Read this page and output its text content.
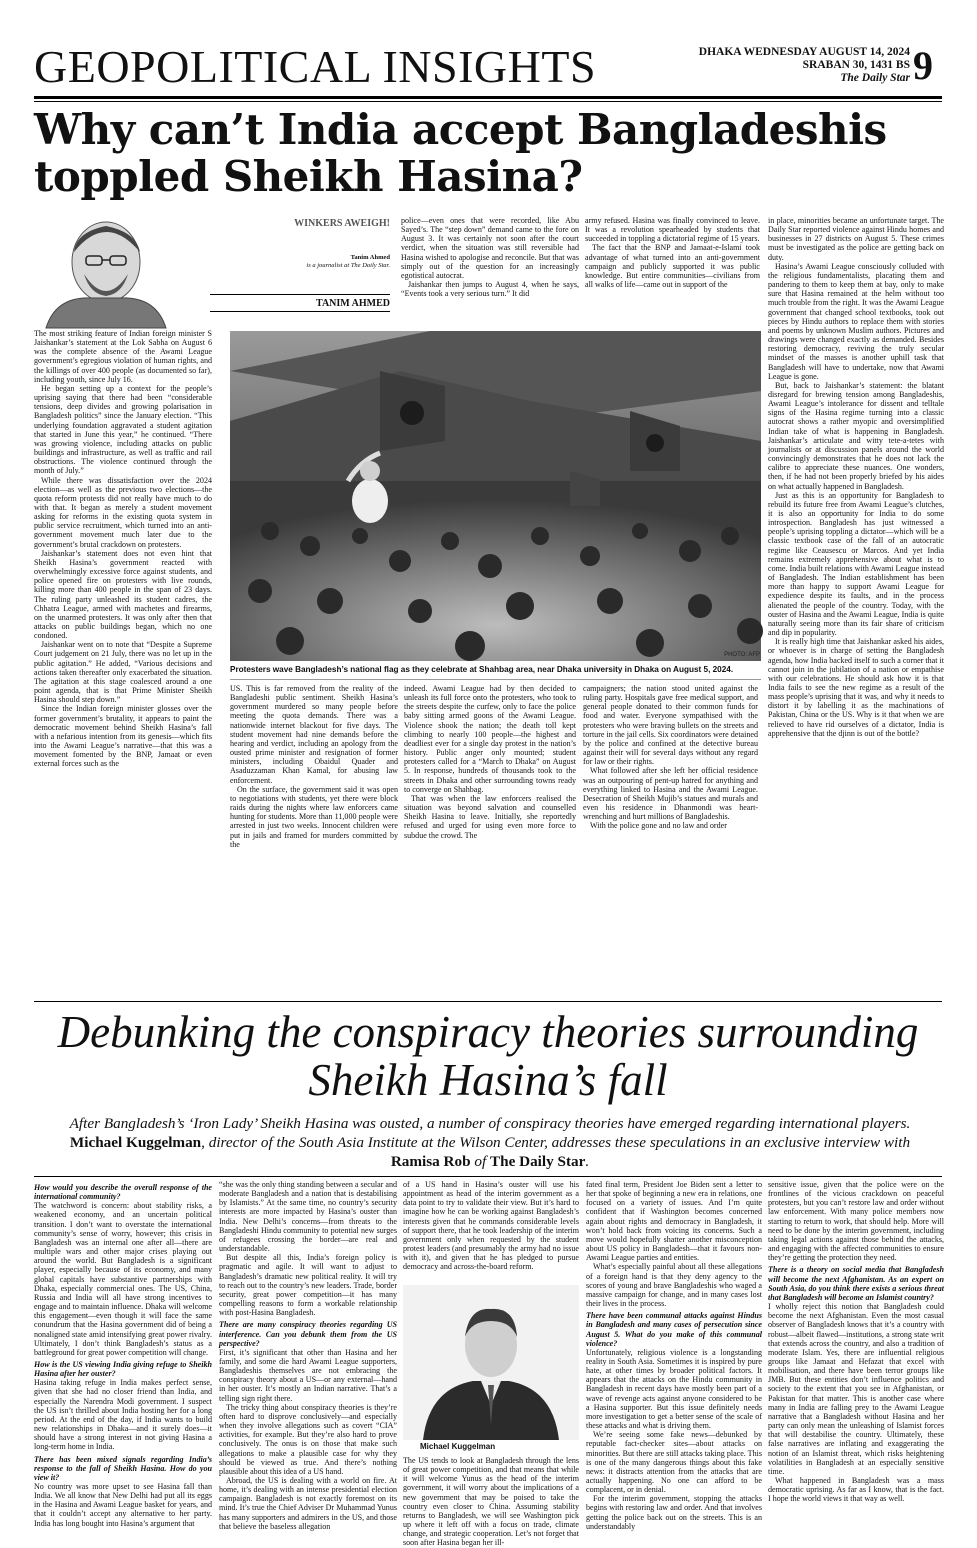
GEOPOLITICAL INSIGHTS	DHAKA WEDNESDAY AUGUST 14, 2024
SRABAN 30, 1431 BS
The Daily Star 9
Why can’t India accept Bangladeshis
toppled Sheikh Hasina?
WINKERS AWEIGH!
Tanim Ahmed
is a journalist at The Daily Star.
TANIM AHMED

The most striking feature of Indian foreign minister S Jaishankar’s statement at the Lok Sabha on August 6 was the complete absence of the Awami League government’s egregious violation of human rights, and the killings of over 400 people (as documented so far), including youth, since July 16.

He began setting up a context for the people’s uprising saying that there had been “considerable tensions, deep divides and growing polarisation in Bangladesh politics” since the January election. “This underlying foundation aggravated a student agitation that started in June this year,” he continued. “There was growing violence, including attacks on public buildings and infrastructure, as well as traffic and rail obstructions. The violence continued through the month of July.”

While there was dissatisfaction over the 2024 election—as well as the previous two elections—the quota reform protests did not really have much to do with that. It began as merely a student movement asking for reforms in the existing quota system in public service recruitment, which turned into an anti-government movement much later due to the government’s brutal crackdown on protesters.

Jaishankar’s statement does not even hint that Sheikh Hasina’s government reacted with overwhelmingly excessive force against students, and police opened fire on protesters with live rounds, killing more than 400 people in the span of 23 days. The ruling party unleashed its student cadres, the Chhatra League, armed with machetes and firearms, on the unarmed protesters. It was only after then that attacks on public buildings began, which no one condoned.

Jaishankar went on to note that “Despite a Supreme Court judgement on 21 July, there was no let up in the public agitation.” He added, “Various decisions and actions taken thereafter only exacerbated the situation. The agitation at this stage coalesced around a one point agenda, that is that Prime Minister Sheikh Hasina should step down.”

Since the Indian foreign minister glosses over the former government’s brutality, it appears to paint the democratic movement behind Sheikh Hasina’s fall with a nefarious intention from its genesis—which fits into the Awami League’s narrative—that this was a movement fomented by the BNP, Jamaat or even external forces such as the

police—even ones that were recorded, like Abu Sayed’s. The “step down” demand came to the fore on August 3. It was certainly not soon after the court verdict, when the situation was still reversible had Hasina wished to apologise and reconcile. But that was simply out of the question for an increasingly egotistical autocrat.

Jaishankar then jumps to August 4, when he says, “Events took a very serious turn.” It did

army refused. Hasina was finally convinced to leave. It was a revolution spearheaded by students that succeeded in toppling a dictatorial regime of 15 years.

The fact that the BNP and Jamaat-e-Islami took advantage of what turned into an anti-government campaign and publicly supported it was public knowledge. But entire communities—civilians from all walks of life—came out in support of the

PHOTO: AFP
Protesters wave Bangladesh’s national flag as they celebrate at Shahbag area, near Dhaka university in Dhaka on August 5, 2024.

US. This is far removed from the reality of the Bangladeshi public sentiment. Sheikh Hasina’s government murdered so many people before meeting the quota demands. There was a nationwide internet blackout for five days. The student movement had nine demands before the hearing and verdict, including an apology from the ousted prime minister and resignation of former ministers, including Obaidul Quader and Asaduzzaman Khan Kamal, for abusing law enforcement.

On the surface, the government said it was open to negotiations with students, yet there were block raids during the nights where law enforcers came hunting for students. More than 11,000 people were arrested in just two weeks. Innocent children were put in jails and framed for murders committed by the

indeed. Awami League had by then decided to unleash its full force onto the protesters, who took to the streets despite the curfew, only to face the police baby sitting armed goons of the Awami League. Violence shook the nation; the death toll kept climbing to nearly 100 people—the highest and deadliest ever for a single day protest in the nation’s history. Public anger only mounted; student protesters called for a “March to Dhaka” on August 5. In response, hundreds of thousands took to the streets in Dhaka and other surrounding towns ready to converge on Shahbag.

That was when the law enforcers realised the situation was beyond salvation and counselled Sheikh Hasina to leave. Initially, she reportedly refused and urged for using even more force to subdue the crowd. The

campaigners; the nation stood united against the ruling party. Hospitals gave free medical support, and general people donated to their common funds for food and water. Everyone sympathised with the protesters who were braving bullets on the streets and torture in the jail cells. Six coordinators were detained by the police and confined at the detective bureau against their will for several days without any regard for law or their rights.

What followed after she left her official residence was an outpouring of pent-up hatred for anything and everything linked to Hasina and the Awami League. Desecration of Sheikh Mujib’s statues and murals and even his residence in Dhanmondi was heart-wrenching and hurt millions of Bangladeshis.

With the police gone and no law and order

in place, minorities became an unfortunate target. The Daily Star reported violence against Hindu homes and businesses in 27 districts on August 5. These crimes must be investigated as the police are getting back on duty.

Hasina’s Awami League consciously colluded with the religious fundamentalists, placating them and pandering to them to keep them at bay, only to make sure that Hasina remained at the helm without too much trouble from the right. It was the Awami League government that changed school textbooks, took out pieces by Hindu authors to replace them with stories and poems by unknown Muslim authors. Pictures and drawings were changed exactly as demanded. Besides restoring democracy, reviving the truly secular mindset of the masses is another uphill task that Bangladesh will have to undertake, now that Awami League is gone.

But, back to Jaishankar’s statement: the blatant disregard for brewing tension among Bangladeshis, Awami League’s intolerance for dissent and telltale signs of the Hasina regime turning into a classic autocrat shows a rather myopic and oversimplified Indian take of what is happening in Bangladesh. Jaishankar’s articulate and witty tete-a-tetes with journalists or at discussion panels around the world convincingly demonstrates that he does not lack the calibre to appreciate these nuances. One wonders, then, if he had not been properly briefed by his aides on what actually happened in Bangladesh.

Just as this is an opportunity for Bangladesh to rebuild its future free from Awami League’s clutches, it is also an opportunity for India to do some introspection. Bangladesh has just witnessed a people’s uprising toppling a dictator—which will be a classic textbook case of the fall of an autocratic regime like Ceausescu or Marcos. And yet India remains extremely apprehensive about what is to come. India built relations with Awami League instead of Bangladesh. The Indian establishment has been more than happy to support Awami League for expedience despite its faults, and in the process alienated the people of the country. Today, with the ouster of Hasina and the Awami League, India is quite naturally seeing more than its fair share of criticism and dip in popularity.

It is really high time that Jaishankar asked his aides, or whoever is in charge of setting the Bangladesh agenda, how India backed itself to such a corner that it cannot join in the jubilation of a nation or empathise with our celebrations. He should ask how it is that India fails to see the new regime as a result of the mass people’s uprising that it was, and why it needs to distort it by labelling it as the machinations of Pakistan, China or the US. Why is it that when we are relieved to have rid ourselves of a dictator, India is apprehensive that the djinn is out of the bottle?

Debunking the conspiracy theories surrounding
Sheikh Hasina’s fall
After Bangladesh’s ‘Iron Lady’ Sheikh Hasina was ousted, a number of conspiracy theories have emerged regarding international players. Michael Kuggelman, director of the South Asia Institute at the Wilson Center, addresses these speculations in an exclusive interview with Ramisa Rob of The Daily Star.

How would you describe the overall response of the international community?

The watchword is concern: about stability risks, a weakened economy, and an uncertain political transition. I don’t want to overstate the international community’s sense of worry, however; this crisis in Bangladesh was an internal one after all—there are multiple wars and other major crises playing out around the world. But Bangladesh is a significant player, especially because of its economy, and many global capitals have substantive partnerships with Dhaka, especially commercial ones. The US, China, Russia and India will all have strong incentives to engage and to maintain influence. Dhaka will welcome this engagement—even though it will face the same conundrum that the Hasina government did of being a nonaligned state amid intensifying great power rivalry. Ultimately, I don’t think Bangladesh’s status as a battleground for great power competition will change.

How is the US viewing India giving refuge to Sheikh Hasina after her ouster?

Hasina taking refuge in India makes perfect sense, given that she had no closer friend than India, and especially the Narendra Modi government. I suspect the US isn’t thrilled about India hosting her for a long period. At the end of the day, if India wants to build new relationships in Dhaka—and it surely does—it should have a strong interest in not giving Hasina a long-term home in India.

There has been mixed signals regarding India’s response to the fall of Sheikh Hasina. How do you view it?

No country was more upset to see Hasina fall than India. We all know that New Delhi had put all its eggs in the Hasina and Awami League basket for years, and that it couldn’t accept any alternative to her party. India has long bought into Hasina’s argument that

“she was the only thing standing between a secular and moderate Bangladesh and a nation that is destabilising by Islamists.” At the same time, no country’s security interests are more impacted by Hasina’s ouster than India. New Delhi’s concerns—from threats to the Bangladeshi Hindu community to potential new surges of refugees crossing the border—are real and understandable.

But despite all this, India’s foreign policy is pragmatic and agile. It will want to adjust to Bangladesh’s dramatic new political reality. It will try to reach out to the country’s new leaders. Trade, border security, great power competition—it has many compelling reasons to form a workable relationship with post-Hasina Bangladesh.

There are many conspiracy theories regarding US interference. Can you debunk them from the US perspective?

First, it’s significant that other than Hasina and her family, and some die hard Awami League supporters, Bangladeshis themselves are not embracing the conspiracy theory about a US—or any external—hand in her ouster. It’s mostly an Indian narrative. That’s a telling sign right there.

The tricky thing about conspiracy theories is they’re often hard to disprove conclusively—and especially when they involve allegations such as covert “CIA” activities, for example. But they’re also hard to prove conclusively. The onus is on those that make such allegations to make a plausible case for why they should be viewed as true. And there’s nothing plausible about this idea of a US hand.

Abroad, the US is dealing with a world on fire. At home, it’s dealing with an intense presidential election campaign. Bangladesh is not exactly foremost on its mind. It’s true the Chief Adviser Dr Muhammad Yunus has many supporters and admirers in the US, and those that believe the baseless allegation

of a US hand in Hasina’s ouster will use his appointment as head of the interim government as a data point to try to validate their view. But it’s hard to imagine how he can be working against Bangladesh’s interests given that he commands considerable levels of support there, that he took leadership of the interim government only when requested by the student protest leaders (and presumably the army had no issue with it), and given that he has pledged to pursue democracy and across-the-board reform.

Michael Kuggelman

The US tends to look at Bangladesh through the lens of great power competition, and that means that while it will welcome Yunus as the head of the interim government, it will worry about the implications of a new government that may be poised to take the country even closer to China. Assuming stability returns to Bangladesh, we will see Washington pick up where it left off with a focus on trade, climate change, and strategic cooperation. Let’s not forget that soon after Hasina began her ill-

fated final term, President Joe Biden sent a letter to her that spoke of beginning a new era in relations, one focused on a variety of issues. And I’m quite confident that if Washington becomes concerned again about rights and democracy in Bangladesh, it won’t hold back from voicing its concerns. Such a move would hopefully shatter another misconception about US policy in Bangladesh—that it favours non-Awami League parties and entities.

What’s especially painful about all these allegations of a foreign hand is that they deny agency to the scores of young and brave Bangladeshis who waged a massive campaign for change, and in many cases lost their lives in the process.

There have been communal attacks against Hindus in Bangladesh and many cases of persecution since August 5. What do you make of this communal violence?

Unfortunately, religious violence is a longstanding reality in South Asia. Sometimes it is inspired by pure hate, at other times by broader political factors. It appears that the attacks on the Hindu community in Bangladesh in recent days have mostly been part of a wave of revenge acts against anyone considered to be a Hasina supporter. But this issue definitely needs more investigation to get a better sense of the scale of these attacks and what is driving them.

We’re seeing some fake news—debunked by reputable fact-checker sites—about attacks on minorities. But there are still attacks taking place. This is one of the many dangerous things about this fake news: it distracts attention from the attacks that are actually happening. No one can afford to be complacent, or in denial.

For the interim government, stopping the attacks begins with restoring law and order. And that involves getting the police back out on the streets. This is an understandably

sensitive issue, given that the police were on the frontlines of the vicious crackdown on peaceful protesters, but you can’t restore law and order without law enforcement. With many police members now starting to return to work, that should help. More will need to be done by the interim government, including taking legal actions against those behind the attacks, and engaging with the affected communities to ensure they’re getting the protection they need.

There is a theory on social media that Bangladesh will become the next Afghanistan. As an expert on South Asia, do you think there exists a serious threat that Bangladesh will become an Islamist country?

I wholly reject this notion that Bangladesh could become the next Afghanistan. Even the most casual observer of Bangladesh knows that it’s a country with robust—albeit flawed—institutions, a strong state writ that extends across the country, and also a tradition of moderate Islam. Yes, there are influential religious groups like Jamaat and Hefazat that excel with mobilisation, and there have been terror groups like JMB. But these entities don’t influence politics and society to the extent that you see in Afghanistan, or Pakistan for that matter. This is another case where many in India are falling prey to the Awami League narrative that a Bangladesh without Hasina and her party can only mean the unleashing of Islamist forces that will destabilise the country. Ultimately, these false narratives are inflating and exaggerating the notion of an Islamist threat, which risks heightening volatilities in Bangladesh at an especially sensitive time.

What happened in Bangladesh was a mass democratic uprising. As far as I know, that is the fact. I hope the world views it that way as well.
